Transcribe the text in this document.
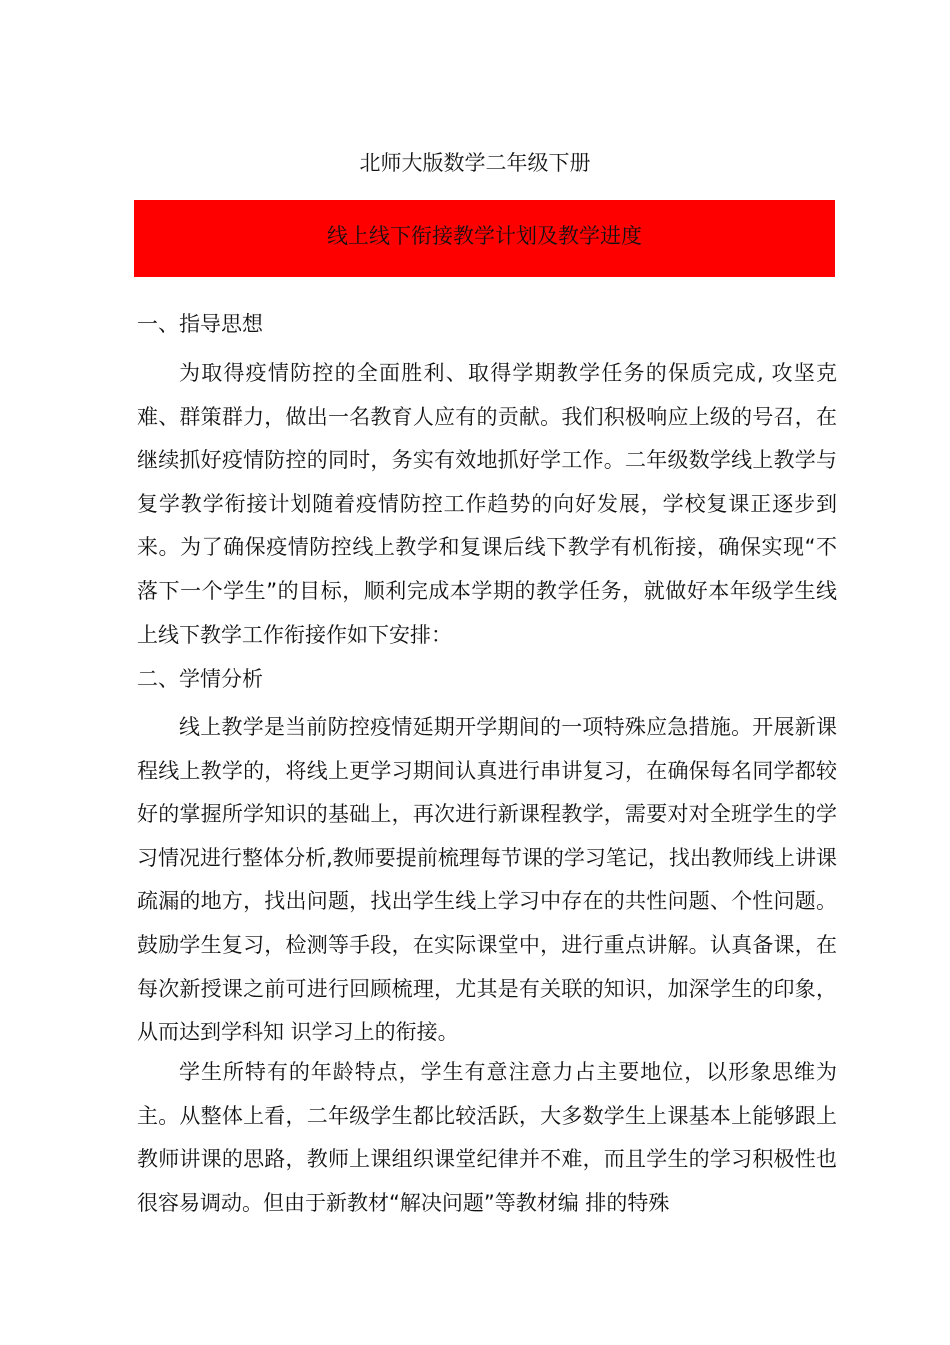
北师大版数学二年级下册
线上线下衔接教学计划及教学进度
一、指导思想

为取得疫情防控的全面胜利、取得学期教学任务的保质完成, 攻坚克难、群策群力，做出一名教育人应有的贡献。我们积极响应上级的号召，在继续抓好疫情防控的同时，务实有效地抓好学工作。二年级数学线上教学与复学教学衔接计划随着疫情防控工作趋势的向好发展，学校复课正逐步到来。为了确保疫情防控线上教学和复课后线下教学有机衔接，确保实现“不落下一个学生”的目标，顺利完成本学期的教学任务，就做好本年级学生线上线下教学工作衔接作如下安排：

二、学情分析

线上教学是当前防控疫情延期开学期间的一项特殊应急措施。开展新课程线上教学的，将线上更学习期间认真进行串讲复习，在确保每名同学都较好的掌握所学知识的基础上，再次进行新课程教学，需要对对全班学生的学习情况进行整体分析,教师要提前梳理每节课的学习笔记，找出教师线上讲课疏漏的地方，找出问题，找出学生线上学习中存在的共性问题、个性问题。鼓励学生复习，检测等手段，在实际课堂中，进行重点讲解。认真备课，在每次新授课之前可进行回顾梳理，尤其是有关联的知识，加深学生的印象，从而达到学科知 识学习上的衔接。

学生所特有的年龄特点，学生有意注意力占主要地位，以形象思维为主。从整体上看，二年级学生都比较活跃，大多数学生上课基本上能够跟上教师讲课的思路，教师上课组织课堂纪律并不难，而且学生的学习积极性也很容易调动。但由于新教材“解决问题”等教材编 排的特殊
